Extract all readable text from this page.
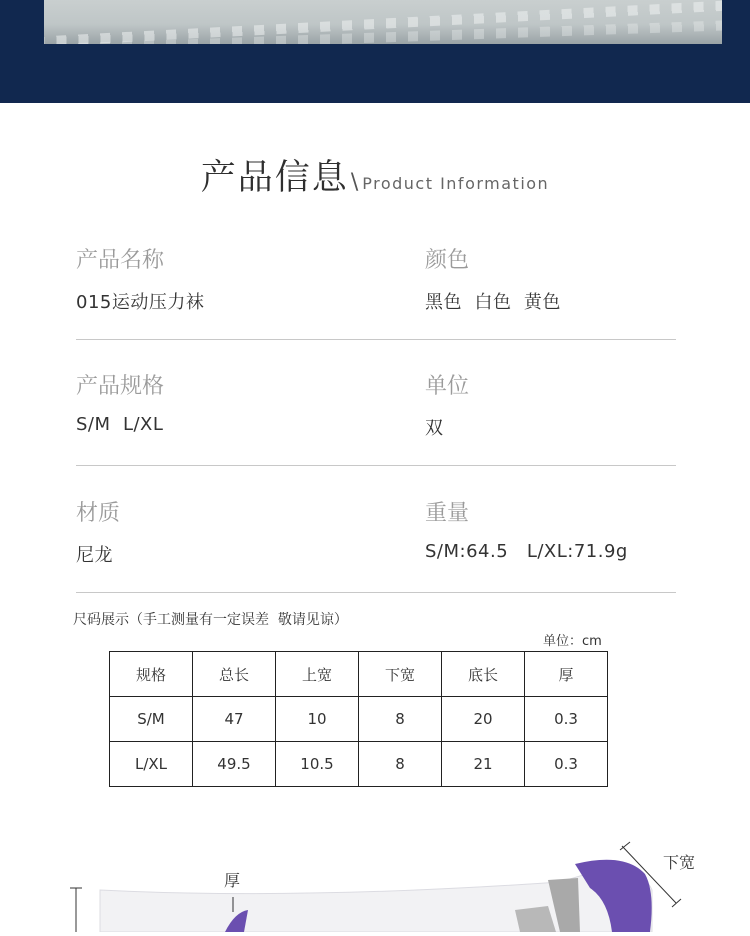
产品信息\ Product Information
产品名称
015运动压力袜
颜色
黑色  白色  黄色
产品规格
S/M  L/XL
单位
双
材质
尼龙
重量
S/M:64.5   L/XL:71.9g
尺码展示（手工测量有一定误差  敬请见谅）
单位：cm
规格	总长	上宽	下宽	底长	厚
S/M	47	10	8	20	0.3
L/XL	49.5	10.5	8	21	0.3
厚
下宽
